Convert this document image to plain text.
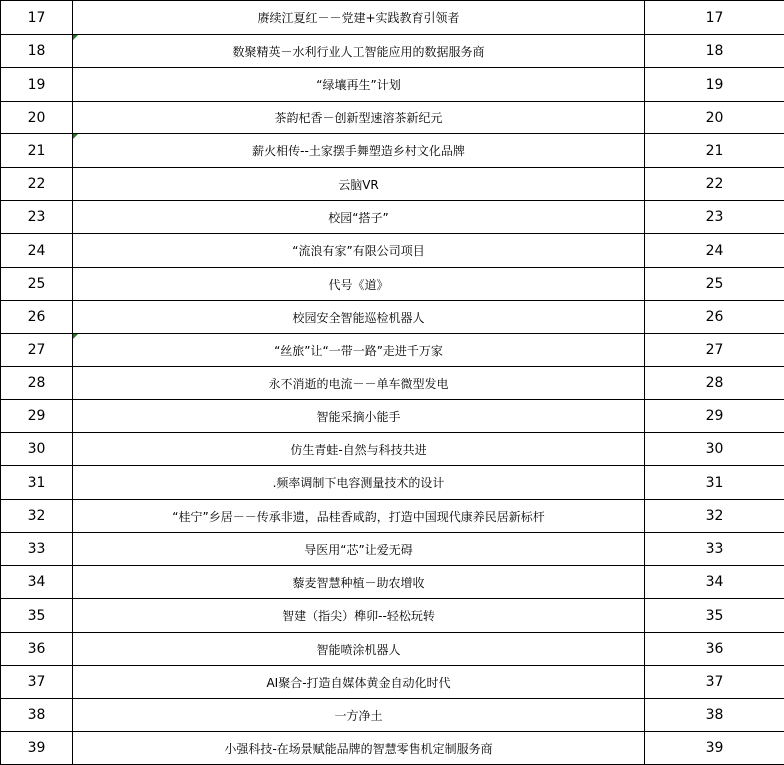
17	赓续江夏红－－党建+实践教育引领者	17
18	数聚精英－水利行业人工智能应用的数据服务商	18
19	“绿壤再生”计划	19
20	茶韵杞香－创新型速溶茶新纪元	20
21	薪火相传--土家摆手舞塑造乡村文化品牌	21
22	云脑VR	22
23	校园“搭子”	23
24	“流浪有家”有限公司项目	24
25	代号《道》	25
26	校园安全智能巡检机器人	26
27	“丝旅”让“一带一路”走进千万家	27
28	永不消逝的电流－－单车微型发电	28
29	智能采摘小能手	29
30	仿生青蛙-自然与科技共进	30
31	.频率调制下电容测量技术的设计	31
32	“桂宁”乡居－－传承非遗，品桂香咸韵，打造中国现代康养民居新标杆	32
33	导医用“芯”让爱无碍	33
34	藜麦智慧种植－助农增收	34
35	智建（指尖）榫卯--轻松玩转	35
36	智能喷涂机器人	36
37	AI聚合-打造自媒体黄金自动化时代	37
38	一方净土	38
39	小强科技-在场景赋能品牌的智慧零售机定制服务商	39
